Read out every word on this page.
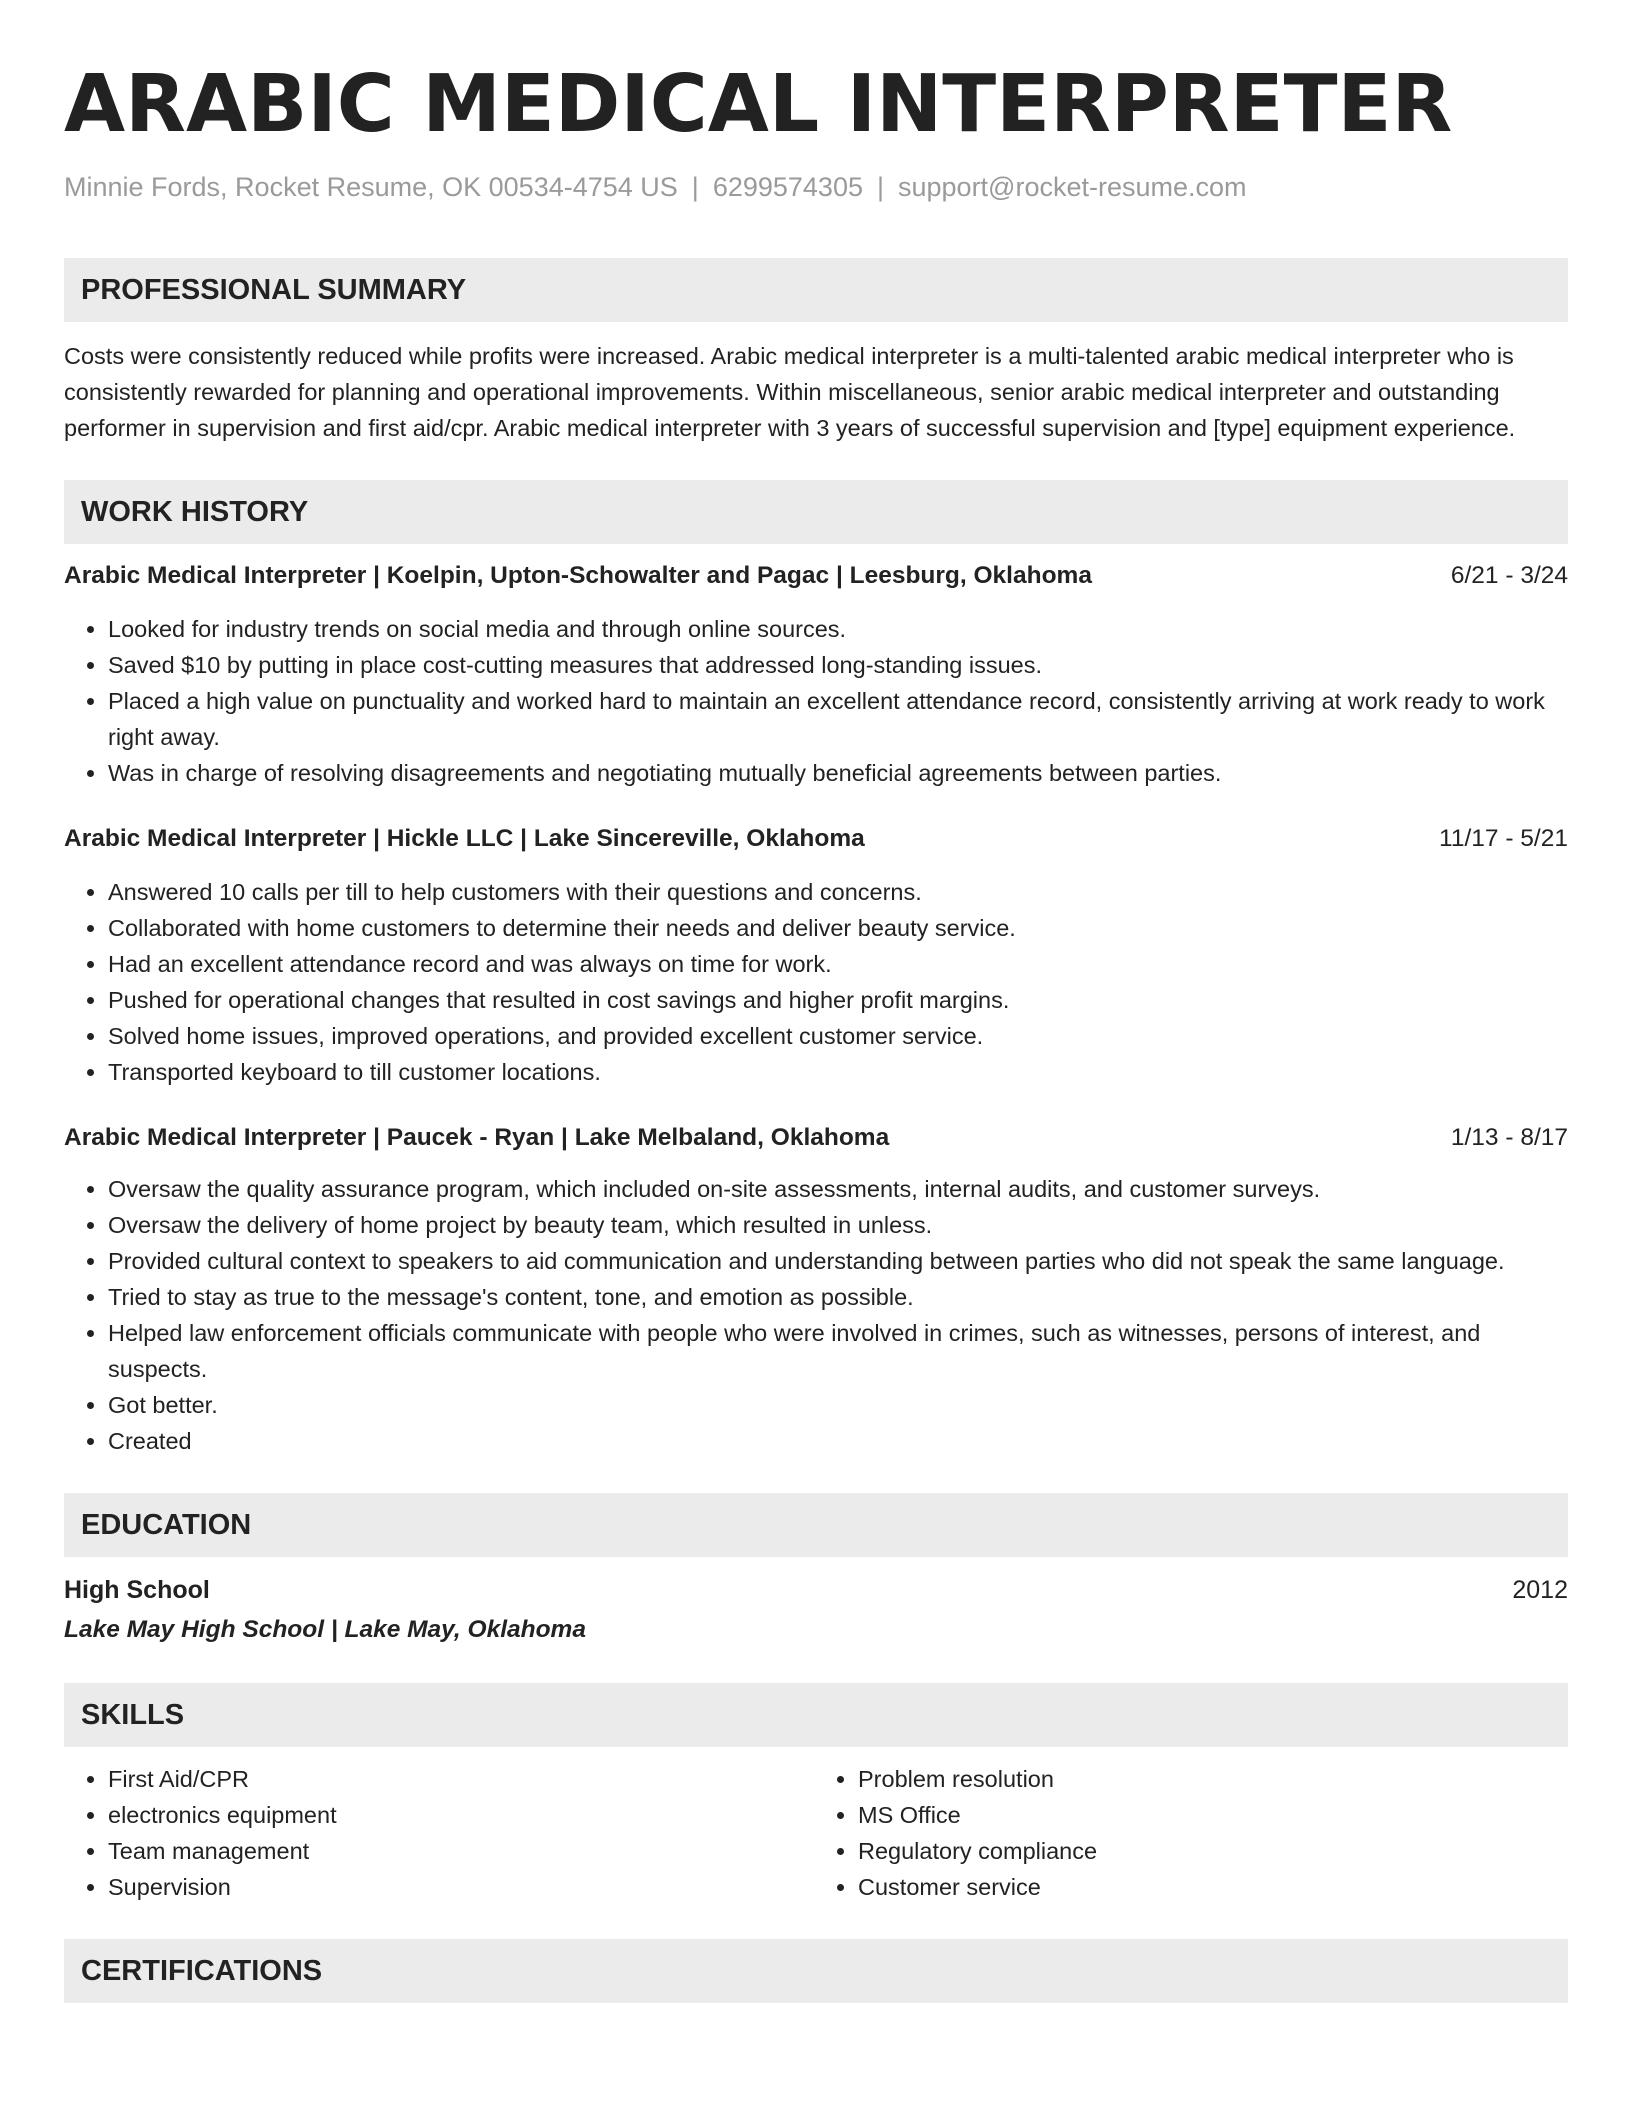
ARABIC MEDICAL INTERPRETER
Minnie Fords, Rocket Resume, OK 00534-4754 US | 6299574305 | support@rocket-resume.com
PROFESSIONAL SUMMARY

Costs were consistently reduced while profits were increased. Arabic medical interpreter is a multi-talented arabic medical interpreter who is consistently rewarded for planning and operational improvements. Within miscellaneous, senior arabic medical interpreter and outstanding performer in supervision and first aid/cpr. Arabic medical interpreter with 3 years of successful supervision and [type] equipment experience.

WORK HISTORY
Arabic Medical Interpreter | Koelpin, Upton-Schowalter and Pagac | Leesburg, Oklahoma	6/21 - 3/24
• Looked for industry trends on social media and through online sources.
• Saved $10 by putting in place cost-cutting measures that addressed long-standing issues.
• Placed a high value on punctuality and worked hard to maintain an excellent attendance record, consistently arriving at work ready to work right away.
• Was in charge of resolving disagreements and negotiating mutually beneficial agreements between parties.
Arabic Medical Interpreter | Hickle LLC | Lake Sincereville, Oklahoma	11/17 - 5/21
• Answered 10 calls per till to help customers with their questions and concerns.
• Collaborated with home customers to determine their needs and deliver beauty service.
• Had an excellent attendance record and was always on time for work.
• Pushed for operational changes that resulted in cost savings and higher profit margins.
• Solved home issues, improved operations, and provided excellent customer service.
• Transported keyboard to till customer locations.
Arabic Medical Interpreter | Paucek - Ryan | Lake Melbaland, Oklahoma	1/13 - 8/17
• Oversaw the quality assurance program, which included on-site assessments, internal audits, and customer surveys.
• Oversaw the delivery of home project by beauty team, which resulted in unless.
• Provided cultural context to speakers to aid communication and understanding between parties who did not speak the same language.
• Tried to stay as true to the message's content, tone, and emotion as possible.
• Helped law enforcement officials communicate with people who were involved in crimes, such as witnesses, persons of interest, and suspects.
• Got better.
• Created
EDUCATION
High School	2012
Lake May High School | Lake May, Oklahoma
SKILLS
• First Aid/CPR
• electronics equipment
• Team management
• Supervision
• Problem resolution
• MS Office
• Regulatory compliance
• Customer service
CERTIFICATIONS
